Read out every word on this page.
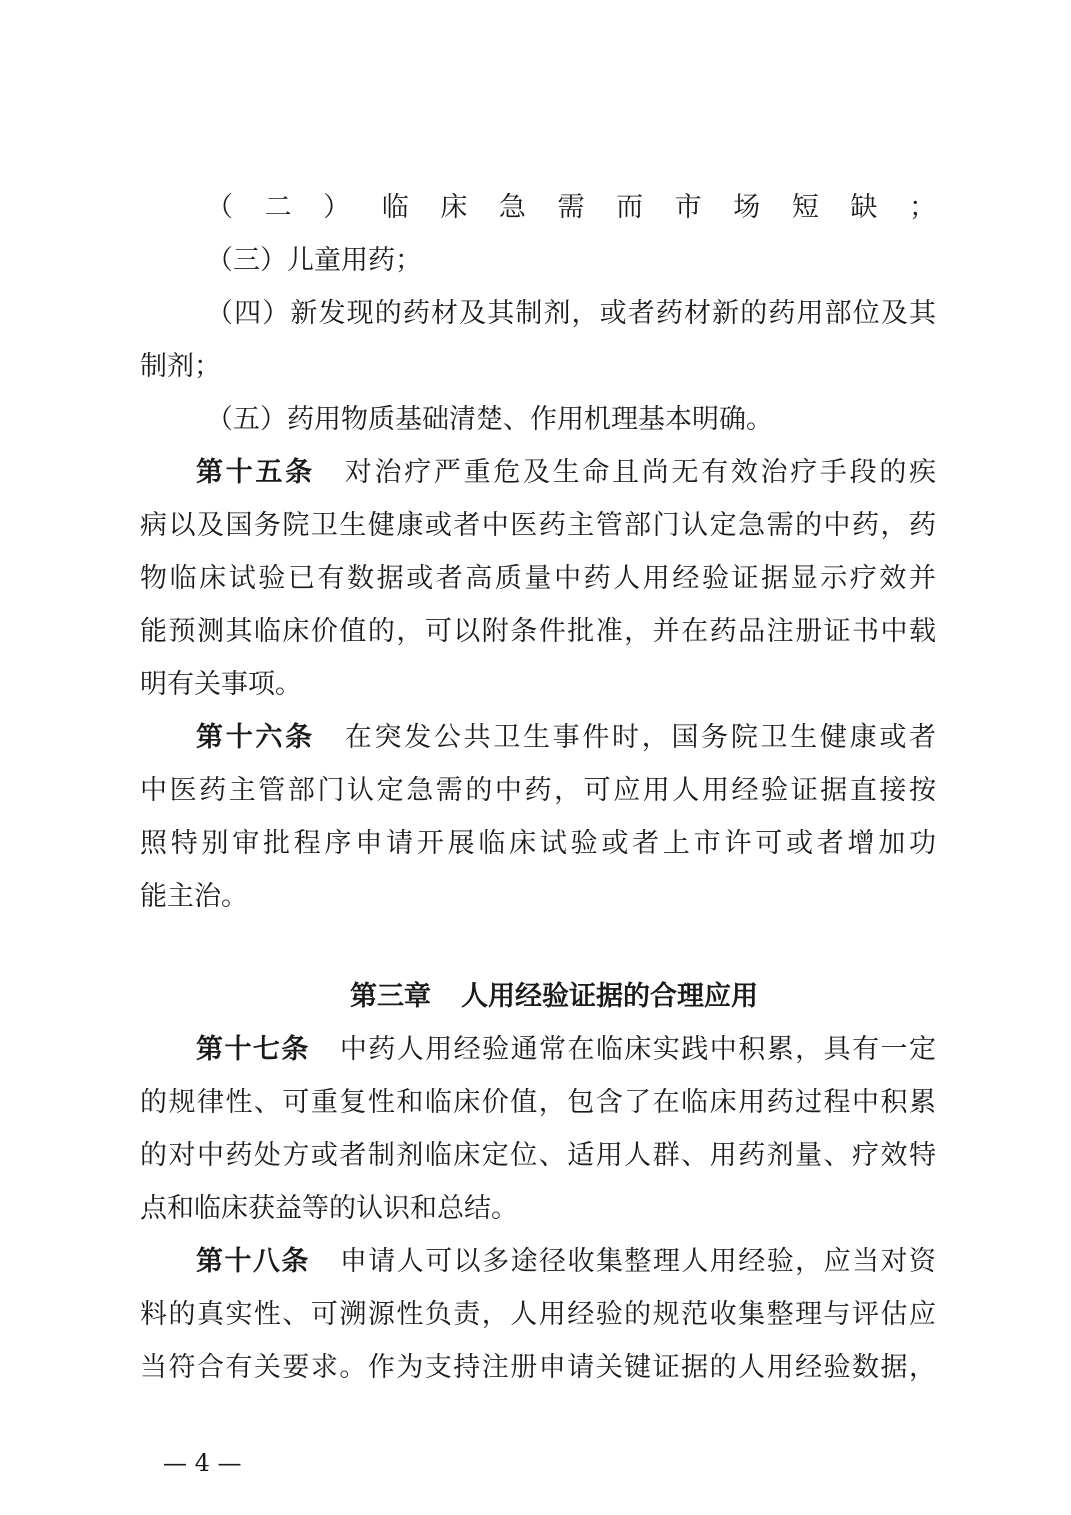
（二）临床急需而市场短缺；
（三）儿童用药；
（四）新发现的药材及其制剂，或者药材新的药用部位及其
制剂；
（五）药用物质基础清楚、作用机理基本明确。
第十五条 对治疗严重危及生命且尚无有效治疗手段的疾
病以及国务院卫生健康或者中医药主管部门认定急需的中药，药
物临床试验已有数据或者高质量中药人用经验证据显示疗效并
能预测其临床价值的，可以附条件批准，并在药品注册证书中载
明有关事项。
第十六条 在突发公共卫生事件时，国务院卫生健康或者
中医药主管部门认定急需的中药，可应用人用经验证据直接按
照特别审批程序申请开展临床试验或者上市许可或者增加功
能主治。
第三章 人用经验证据的合理应用
第十七条 中药人用经验通常在临床实践中积累，具有一定
的规律性、可重复性和临床价值，包含了在临床用药过程中积累
的对中药处方或者制剂临床定位、适用人群、用药剂量、疗效特
点和临床获益等的认识和总结。
第十八条 申请人可以多途径收集整理人用经验，应当对资
料的真实性、可溯源性负责，人用经验的规范收集整理与评估应
当符合有关要求。作为支持注册申请关键证据的人用经验数据，
— 4 —
